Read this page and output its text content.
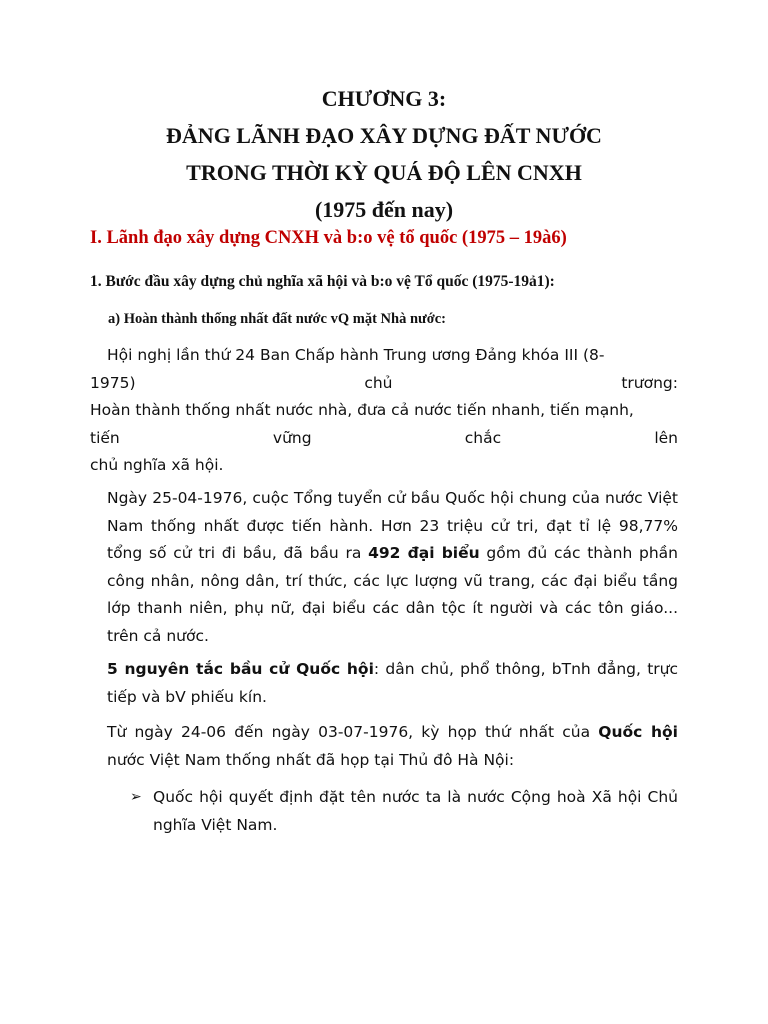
CHƯƠNG 3:
ĐẢNG LÃNH ĐẠO XÂY DỰNG ĐẤT NƯỚC
TRONG THỜI KỲ QUÁ ĐỘ LÊN CNXH
(1975 đến nay)
I. Lãnh đạo xây dựng CNXH và b:o vệ tổ quốc (1975 – 19à6)
1. Bước đầu xây dựng chủ nghĩa xã hội và b:o vệ Tổ quốc (1975-19ả1):
a) Hoàn thành thống nhất đất nước vQ mặt Nhà nước:
Hội nghị lần thứ 24 Ban Chấp hành Trung ương Đảng khóa III (8-
1975)	chủ	trương:
Hoàn thành thống nhất nước nhà, đưa cả nước tiến nhanh, tiến mạnh,
tiến	vững	chắc	lên
chủ nghĩa xã hội.

Ngày 25-04-1976, cuộc Tổng tuyển cử bầu Quốc hội chung của nước Việt Nam thống nhất được tiến hành. Hơn 23 triệu cử tri, đạt tỉ lệ 98,77% tổng số cử tri đi bầu, đã bầu ra 492 đại biểu gồm đủ các thành phần công nhân, nông dân, trí thức, các lực lượng vũ trang, các đại biểu tầng lớp thanh niên, phụ nữ, đại biểu các dân tộc ít người và các tôn giáo... trên cả nước.

5 nguyên tắc bầu cử Quốc hội: dân chủ, phổ thông, bTnh đẳng, trực tiếp và bV phiếu kín.

Từ ngày 24-06 đến ngày 03-07-1976, kỳ họp thứ nhất của Quốc hội nước Việt Nam thống nhất đã họp tại Thủ đô Hà Nội:

➢ Quốc hội quyết định đặt tên nước ta là nước Cộng hoà Xã hội Chủ nghĩa Việt Nam.
